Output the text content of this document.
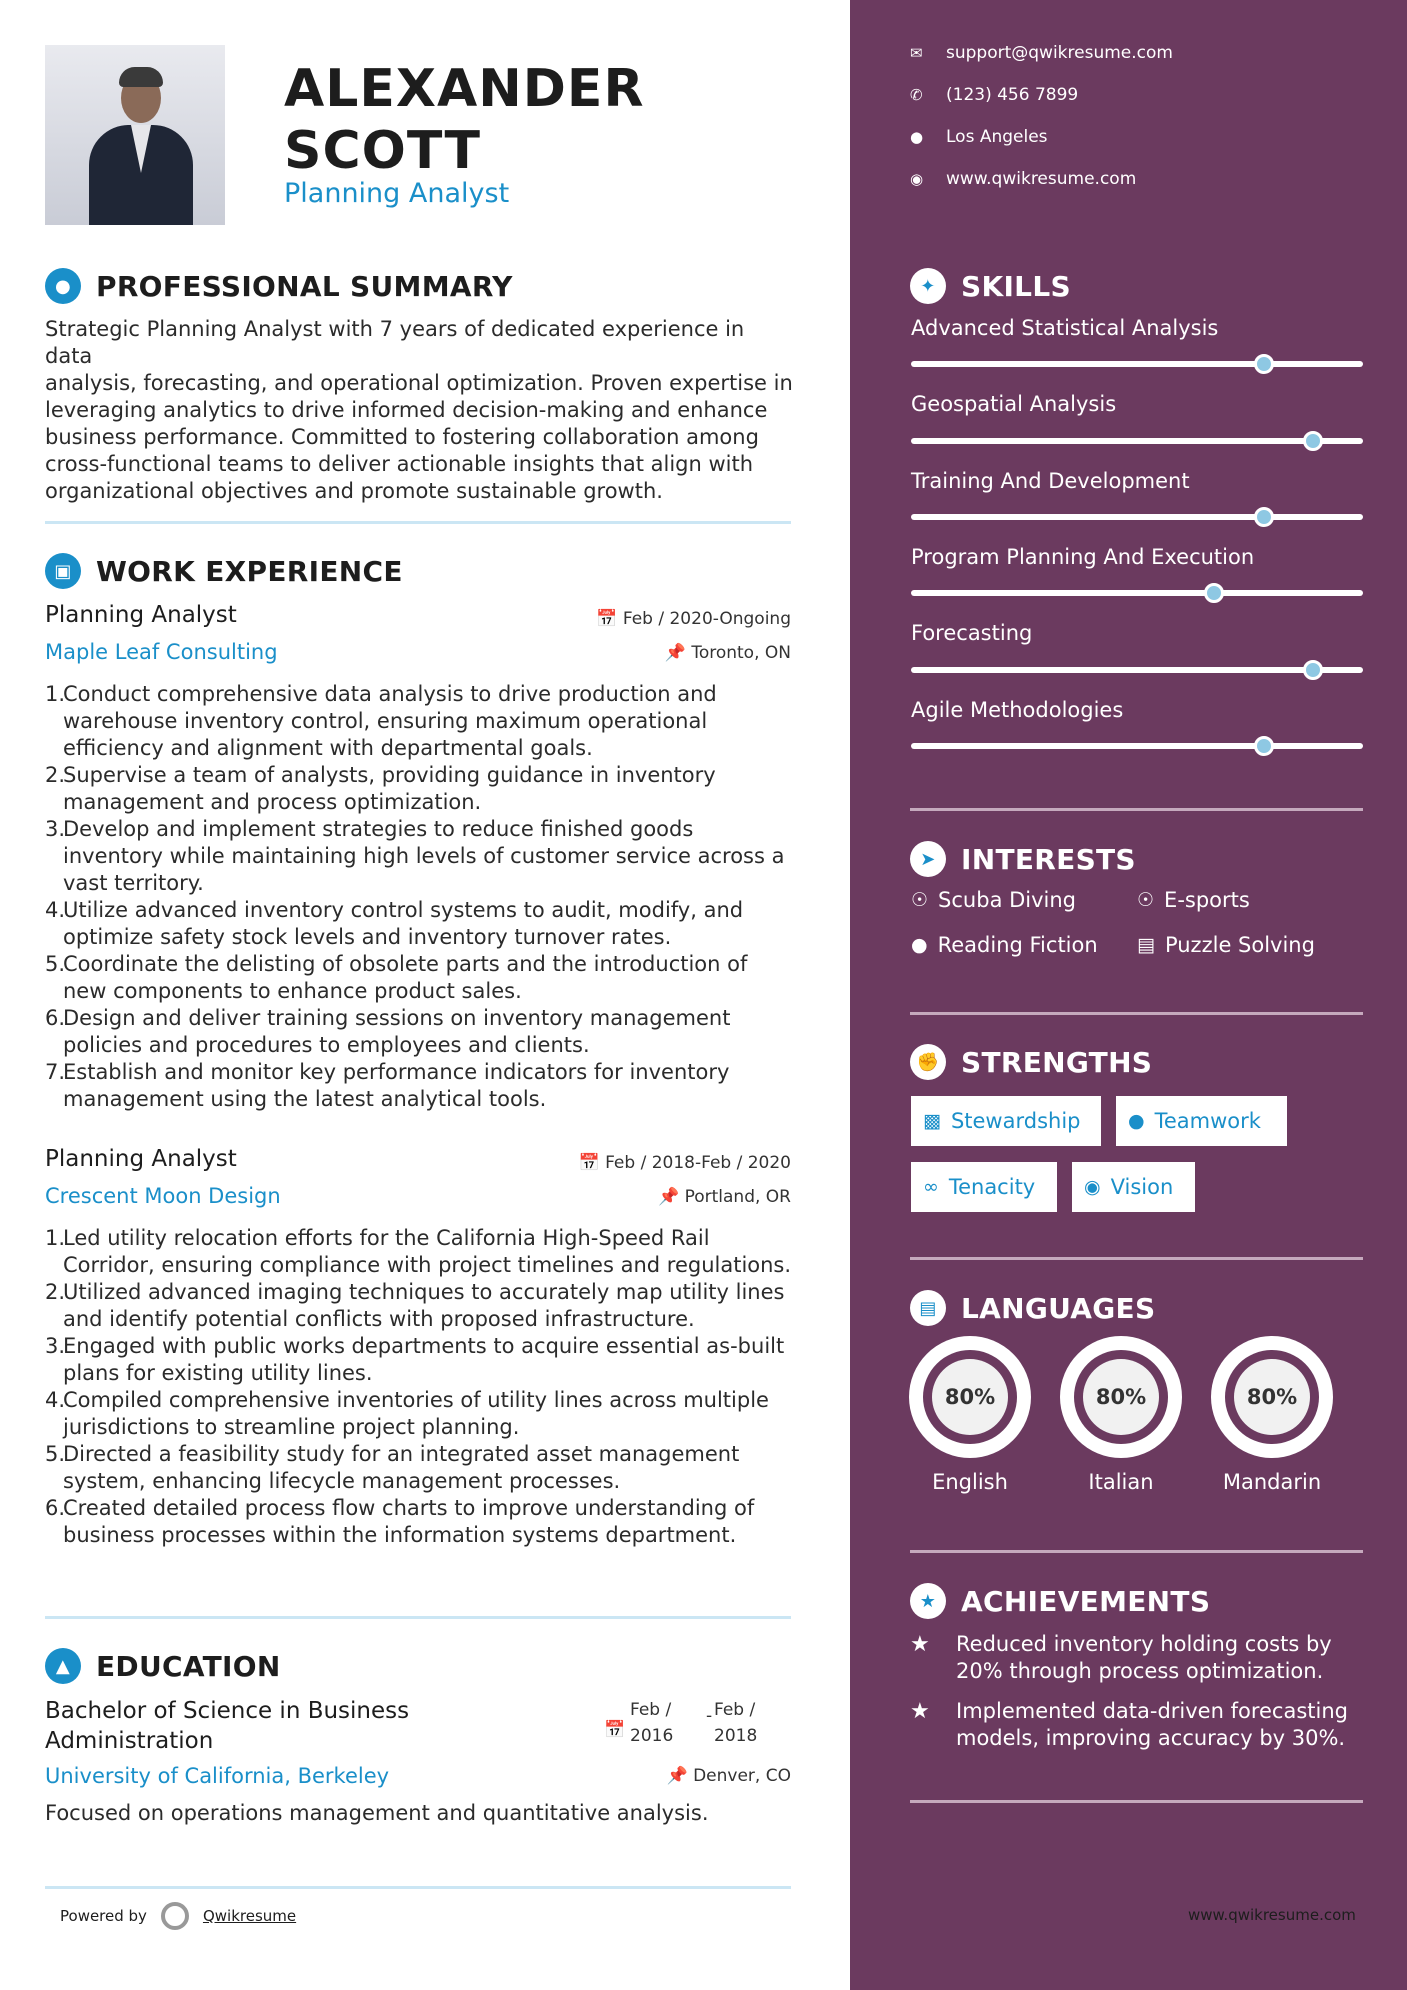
ALEXANDER
SCOTT
Planning Analyst
● PROFESSIONAL SUMMARY
Strategic Planning Analyst with 7 years of dedicated experience in data
analysis, forecasting, and operational optimization. Proven expertise in
leveraging analytics to drive informed decision-making and enhance
business performance. Committed to fostering collaboration among
cross-functional teams to deliver actionable insights that align with
organizational objectives and promote sustainable growth.
▣ WORK EXPERIENCE
Planning Analyst	📅 Feb / 2020-Ongoing
Maple Leaf Consulting	📌 Toronto, ON
1.
Conduct comprehensive data analysis to drive production and
warehouse inventory control, ensuring maximum operational
efficiency and alignment with departmental goals.
2.
Supervise a team of analysts, providing guidance in inventory
management and process optimization.
3.
Develop and implement strategies to reduce finished goods
inventory while maintaining high levels of customer service across a
vast territory.
4.
Utilize advanced inventory control systems to audit, modify, and
optimize safety stock levels and inventory turnover rates.
5.
Coordinate the delisting of obsolete parts and the introduction of
new components to enhance product sales.
6.
Design and deliver training sessions on inventory management
policies and procedures to employees and clients.
7.
Establish and monitor key performance indicators for inventory
management using the latest analytical tools.
Planning Analyst	📅 Feb / 2018-Feb / 2020
Crescent Moon Design	📌 Portland, OR
1.
Led utility relocation efforts for the California High-Speed Rail
Corridor, ensuring compliance with project timelines and regulations.
2.
Utilized advanced imaging techniques to accurately map utility lines
and identify potential conflicts with proposed infrastructure.
3.
Engaged with public works departments to acquire essential as-built
plans for existing utility lines.
4.
Compiled comprehensive inventories of utility lines across multiple
jurisdictions to streamline project planning.
5.
Directed a feasibility study for an integrated asset management
system, enhancing lifecycle management processes.
6.
Created detailed process flow charts to improve understanding of
business processes within the information systems department.
▲ EDUCATION
Bachelor of Science in Business
Administration	📅
Feb /
2016
- Feb /
2018
University of California, Berkeley	📌 Denver, CO
Focused on operations management and quantitative analysis.
Powered by	Qwikresume
✉	support@qwikresume.com
✆	(123) 456 7899
●	Los Angeles
◉	www.qwikresume.com
✦ SKILLS
Advanced Statistical Analysis
Geospatial Analysis
Training And Development
Program Planning And Execution
Forecasting
Agile Methodologies
➤ INTERESTS
☉ Scuba Diving	☉ E-sports
● Reading Fiction ▤ Puzzle Solving
✊ STRENGTHS
▩ Stewardship	● Teamwork
∞ Tenacity	◉ Vision
▤ LANGUAGES
80%
English
80%
Italian
80%
Mandarin
★ ACHIEVEMENTS
★	Reduced inventory holding costs by
20% through process optimization.
★	Implemented data-driven forecasting
models, improving accuracy by 30%.
www.qwikresume.com
